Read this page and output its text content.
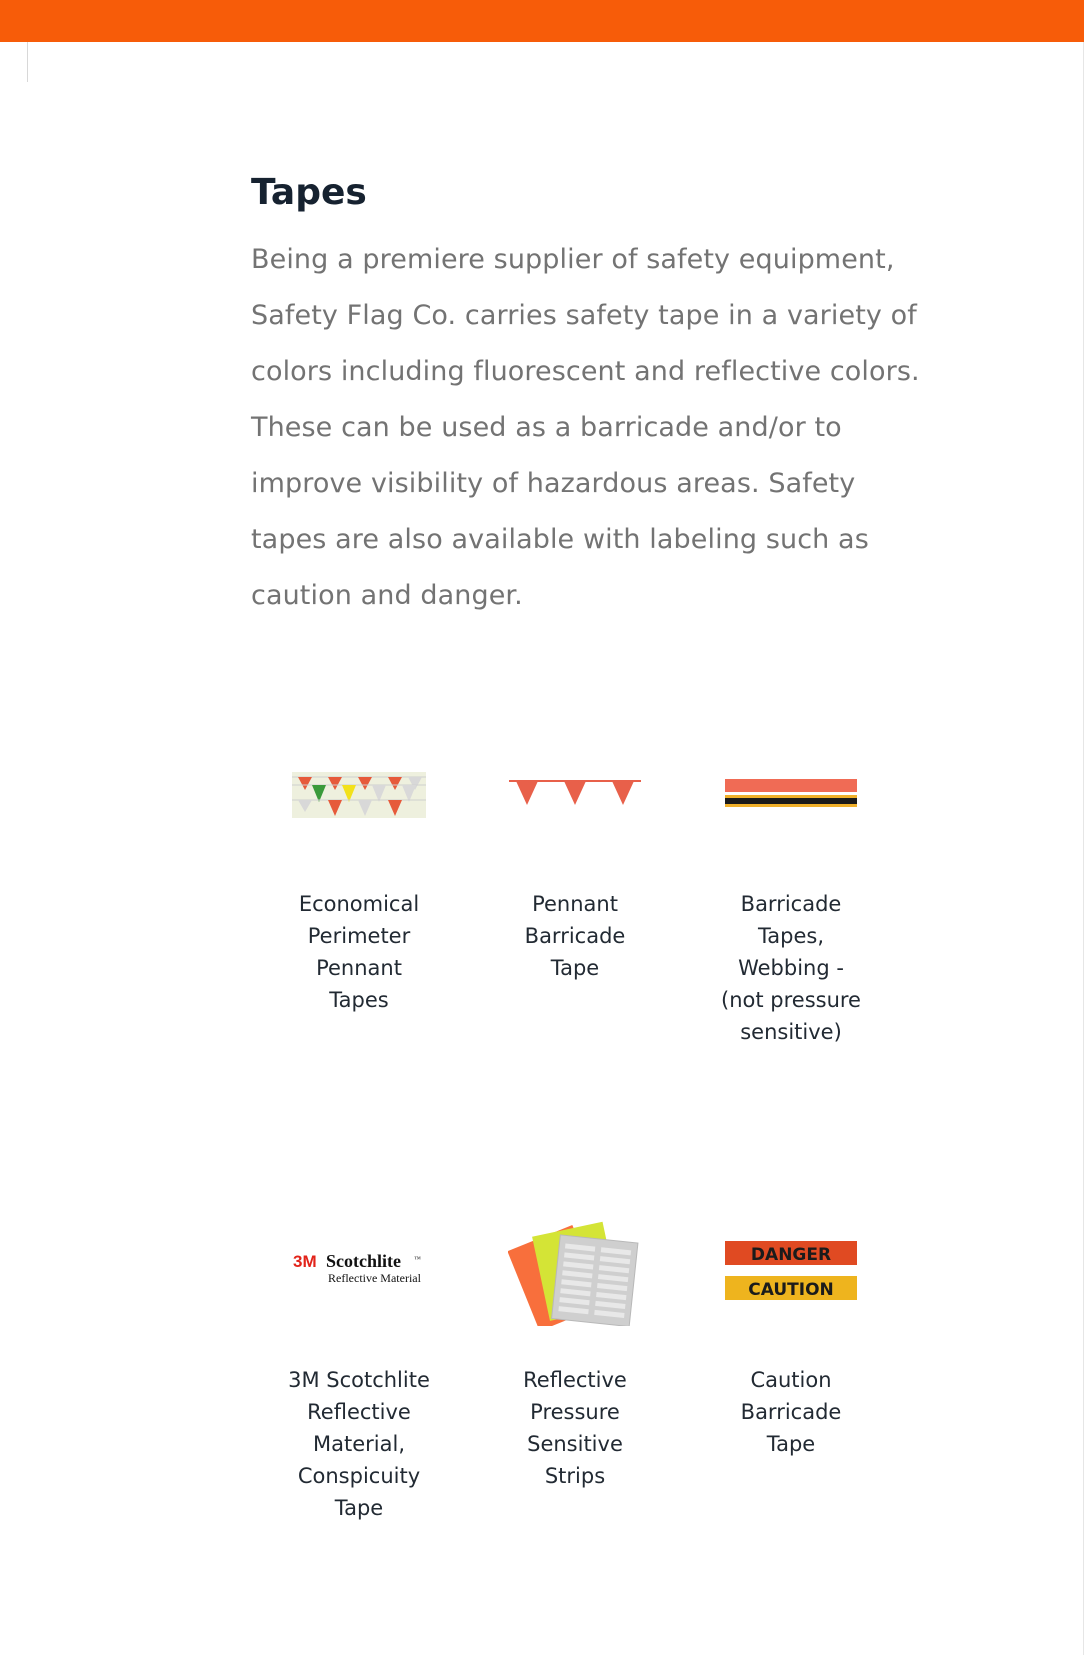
Tapes

Being a premiere supplier of safety equipment, Safety Flag Co. carries safety tape in a variety of colors including fluorescent and reflective colors. These can be used as a barricade and/or to improve visibility of hazardous areas. Safety tapes are also available with labeling such as caution and danger.

Economical Perimeter Pennant Tapes
Pennant Barricade Tape
Barricade Tapes, Webbing - (not pressure sensitive)
3M Scotchlite ™
Reflective Material
3M Scotchlite Reflective Material, Conspicuity Tape
Reflective Pressure Sensitive Strips
DANGER
CAUTION
Caution Barricade Tape
